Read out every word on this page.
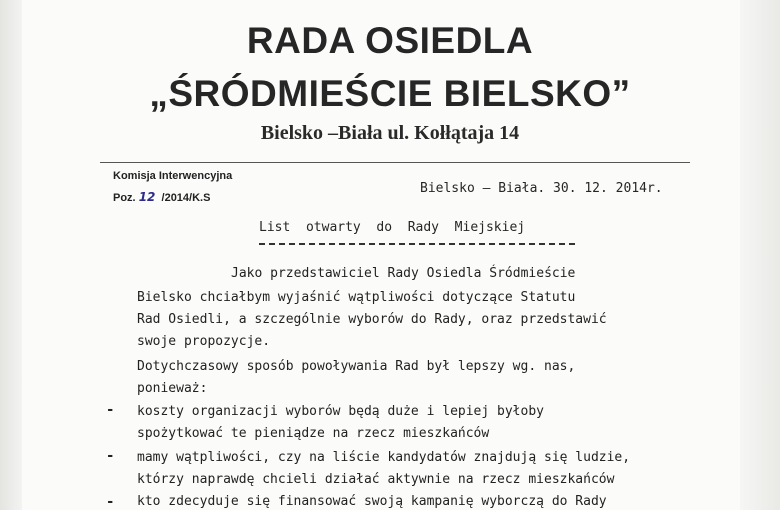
RADA OSIEDLA
„ŚRÓDMIEŚCIE BIELSKO”
Bielsko –Biała ul. Kołłątaja 14
Komisja Interwencyjna
Poz. 12 /2014/K.S
Bielsko – Biała. 30. 12. 2014r.
List  otwarty  do  Rady  Miejskiej

Jako przedstawiciel Rady Osiedla Śródmieście

Bielsko chciałbym wyjaśnić wątpliwości dotyczące Statutu

Rad Osiedli, a szczególnie wyborów do Rady, oraz przedstawić

swoje propozycje.

Dotychczasowy sposób powoływania Rad był lepszy wg. nas,

ponieważ:

- koszty organizacji wyborów będą duże i lepiej byłoby

spożytkować te pieniądze na rzecz mieszkańców

- mamy wątpliwości, czy na liście kandydatów znajdują się ludzie,

którzy naprawdę chcieli działać aktywnie na rzecz mieszkańców

- kto zdecyduje się finansować swoją kampanię wyborczą do Rady
